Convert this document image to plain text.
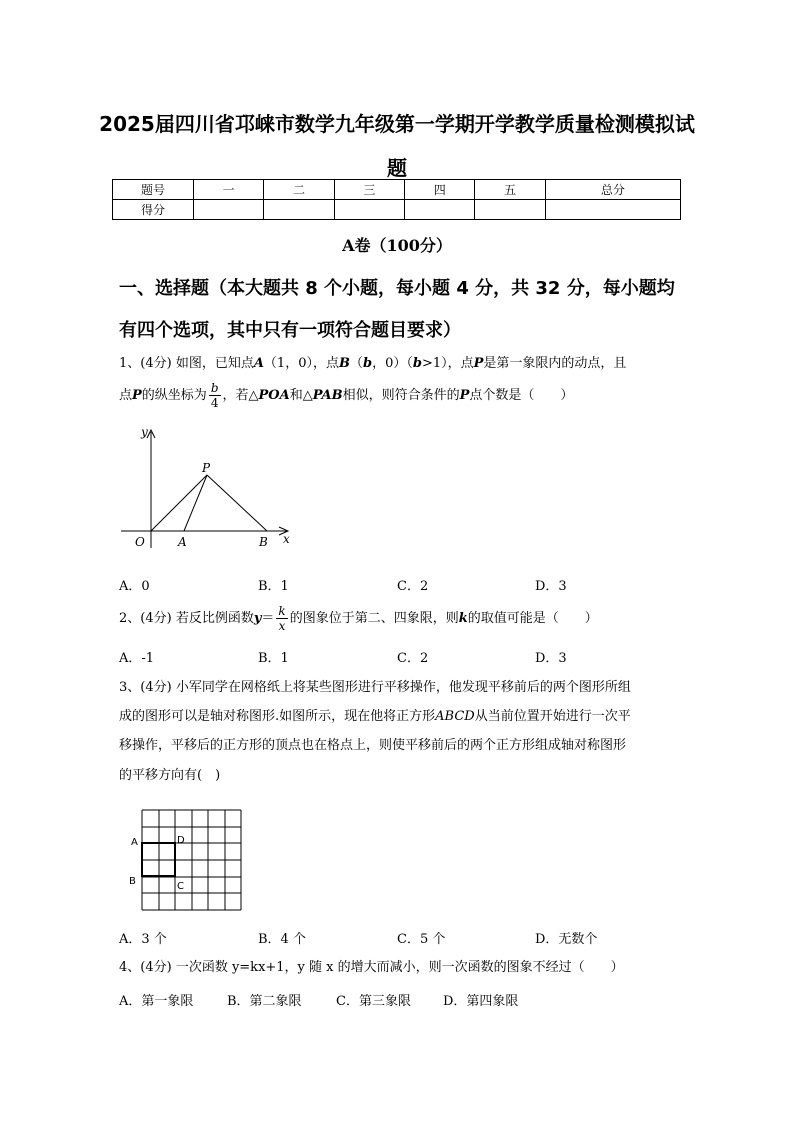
2025届四川省邛崃市数学九年级第一学期开学教学质量检测模拟试
题
题号	一	二	三	四	五	总分
得分						
A卷（100分）
一、选择题（本大题共 8 个小题，每小题 4 分，共 32 分，每小题均
有四个选项，其中只有一项符合题目要求）
1、(4分) 如图，已知点A（1，0），点B（b，0）（b>1），点P是第一象限内的动点，且
点P的纵坐标为 $\frac{b}{4}$ ，若△POA和△PAB相似，则符合条件的P点个数是（　　）
y
x
O	A	B
P
A．0	B．1	C．2	D．3
2、(4分) 若反比例函数$y= \frac{k}{x}$ 的图象位于第二、四象限，则k的取值可能是（　　）
A．-1	B．1	C．2	D．3
3、(4分) 小军同学在网格纸上将某些图形进行平移操作，他发现平移前后的两个图形所组
成的图形可以是轴对称图形.如图所示，现在他将正方形ABCD从当前位置开始进行一次平
移操作，平移后的正方形的顶点也在格点上，则使平移前后的两个正方形组成轴对称图形
的平移方向有(　)
A
B	C
D
A．3 个	B．4 个	C．5 个	D．无数个
4、(4分) 一次函数 y=kx+1，y 随 x 的增大而减小，则一次函数的图象不经过（　　）
A．第一象限	B．第二象限	C．第三象限 D．第四象限
